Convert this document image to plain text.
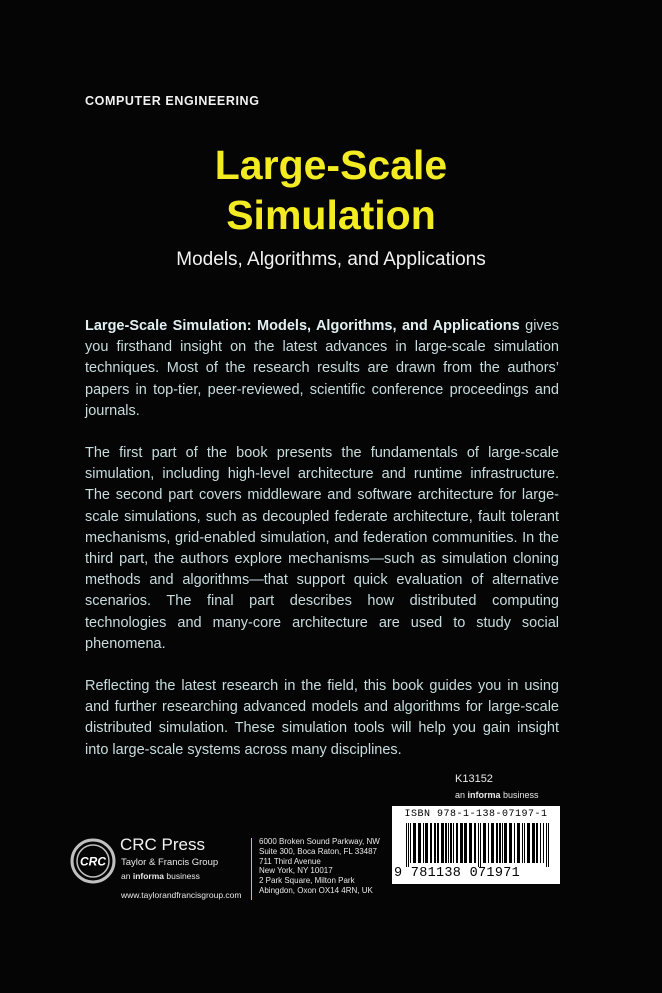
COMPUTER ENGINEERING
Large-Scale
Simulation
Models, Algorithms, and Applications

Large-Scale Simulation: Models, Algorithms, and Applications gives you firsthand insight on the latest advances in large-scale simulation techniques. Most of the research results are drawn from the authors’ papers in top-tier, peer-reviewed, scientific conference proceedings and journals.

The first part of the book presents the fundamentals of large-scale simulation, including high-level architecture and runtime infrastructure. The second part covers middleware and software architecture for large-scale simulations, such as decoupled federate architecture, fault tolerant mechanisms, grid-enabled simulation, and federation communities. In the third part, the authors explore mechanisms—such as simulation cloning methods and algorithms—that support quick evaluation of alternative scenarios. The final part describes how distributed computing technologies and many-core architecture are used to study social phenomena.

Reflecting the latest research in the field, this book guides you in using and further researching advanced models and algorithms for large-scale distributed simulation. These simulation tools will help you gain insight into large-scale systems across many disciplines.

K13152
an informa business
ISBN 978-1-138-07197-1
9 781138 071971
CRC
CRC Press
Taylor & Francis Group
an informa business
www.taylorandfrancisgroup.com
6000 Broken Sound Parkway, NW
Suite 300, Boca Raton, FL 33487
711 Third Avenue
New York, NY 10017
2 Park Square, Milton Park
Abingdon, Oxon OX14 4RN, UK
